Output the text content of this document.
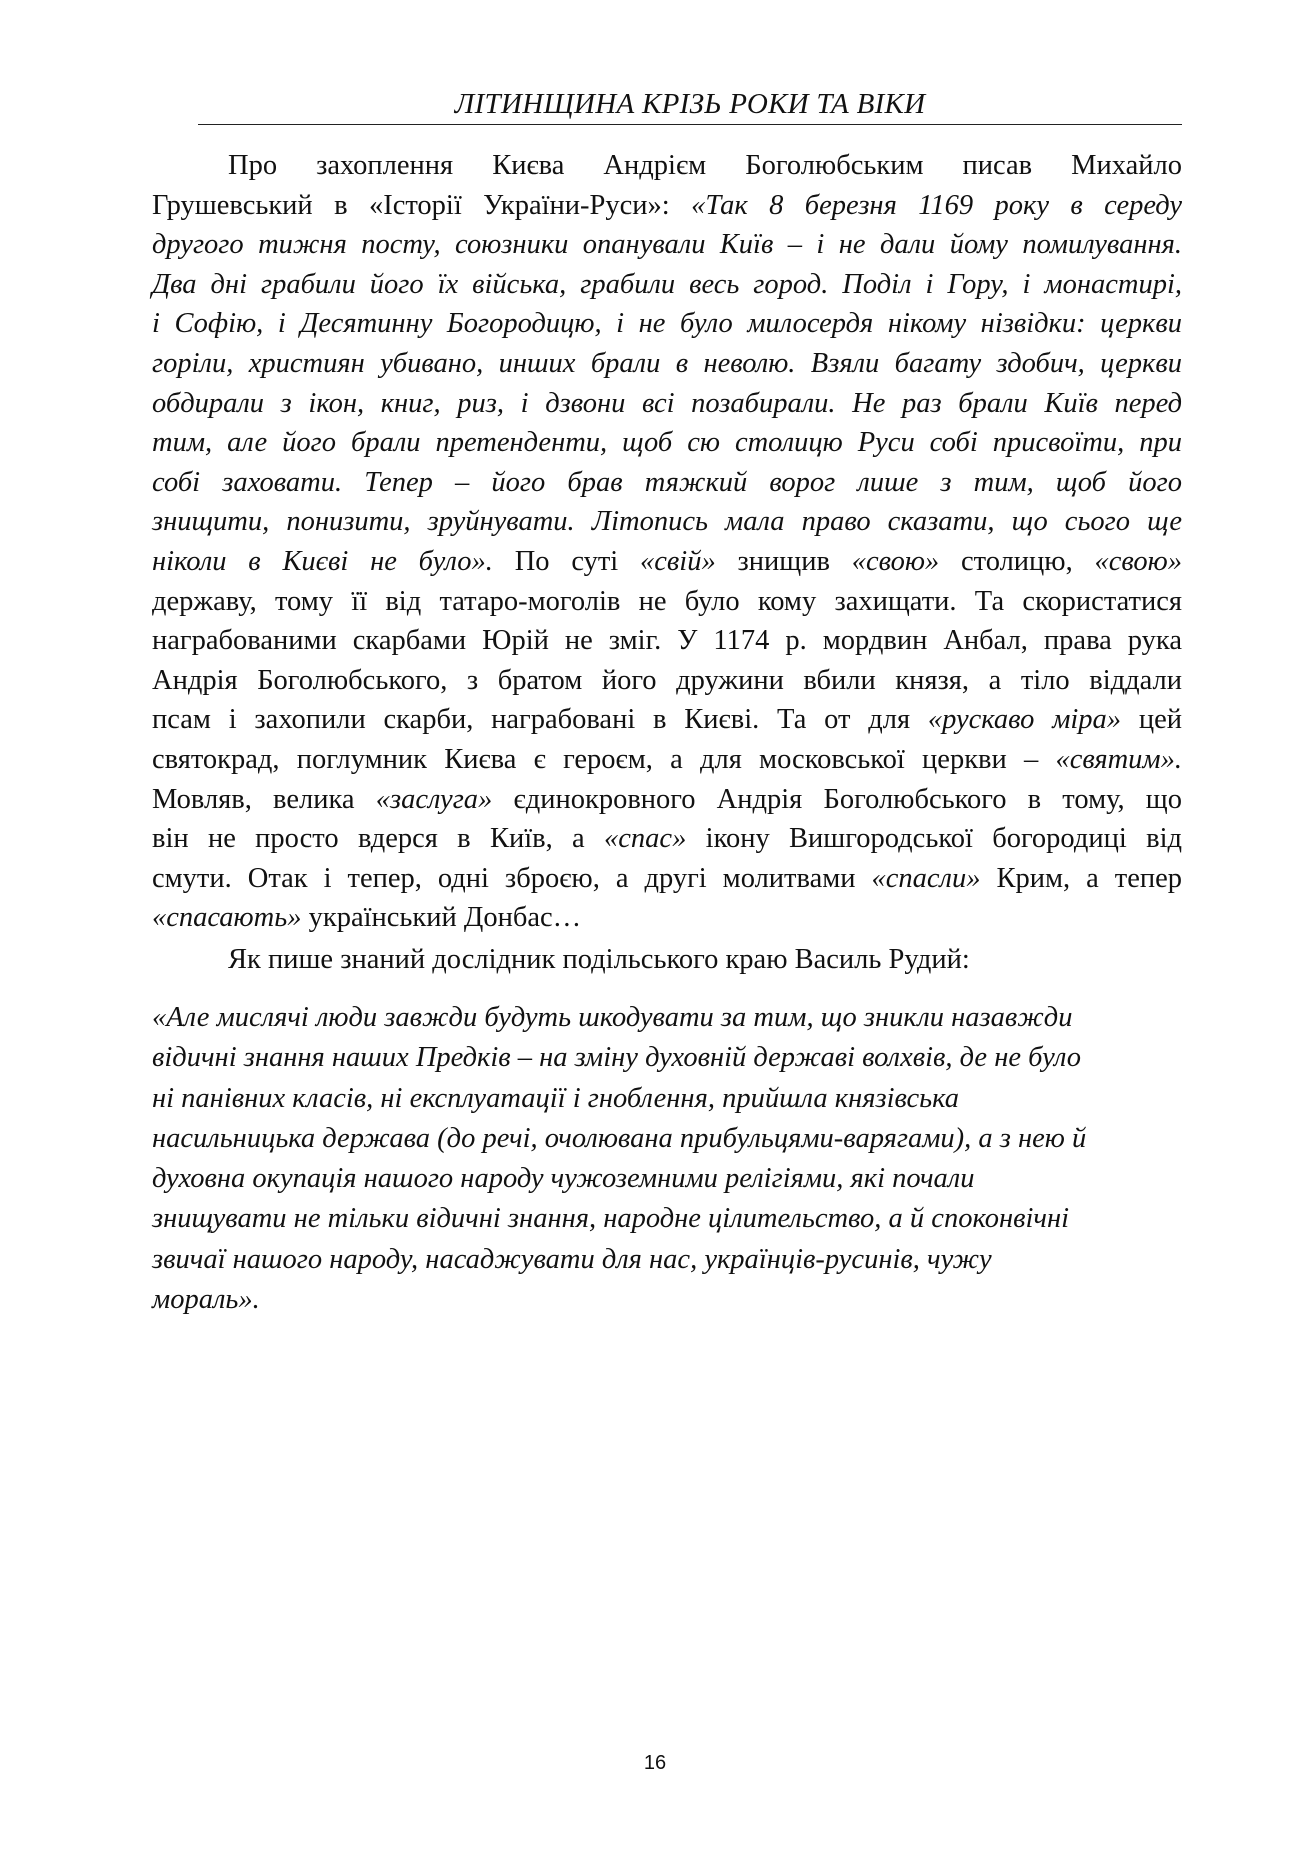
ЛІТИНЩИНА КРІЗЬ РОКИ ТА ВІКИ
Про захоплення Києва Андрієм Боголюбським писав Михайло
Грушевський в «Історії України-Руси»: «Так 8 березня 1169 року в середу
другого тижня посту, союзники опанували Київ – і не дали йому помилування.
Два дні грабили його їх війська, грабили весь город. Поділ і Гору, і монастирі,
і Софію, і Десятинну Богородицю, і не було милосердя нікому нізвідки: церкви
горіли, християн убивано, инших брали в неволю. Взяли багату здобич, церкви
обдирали з ікон, книг, риз, і дзвони всі позабирали. Не раз брали Київ перед
тим, але його брали претенденти, щоб сю столицю Руси собі присвоїти, при
собі заховати. Тепер – його брав тяжкий ворог лише з тим, щоб його
знищити, понизити, зруйнувати. Літопись мала право сказати, що сього ще
ніколи в Києві не було». По суті «свій» знищив «свою» столицю, «свою»
державу, тому її від татаро-моголів не було кому захищати. Та скористатися
награбованими скарбами Юрій не зміг. У 1174 р. мордвин Анбал, права рука
Андрія Боголюбського, з братом його дружини вбили князя, а тіло віддали
псам і захопили скарби, награбовані в Києві. Та от для «рускаво міра» цей
святокрад, поглумник Києва є героєм, а для московської церкви – «святим».
Мовляв, велика «заслуга» єдинокровного Андрія Боголюбського в тому, що
він не просто вдерся в Київ, а «спас» ікону Вишгородської богородиці від
смути. Отак і тепер, одні зброєю, а другі молитвами «спасли» Крим, а тепер
«спасають» український Донбас…
Як пише знаний дослідник подільського краю Василь Рудий:
«Але мислячі люди завжди будуть шкодувати за тим, що зникли назавжди
відичні знання наших Предків – на зміну духовній державі волхвів, де не було
ні панівних класів, ні експлуатації і гноблення, прийшла князівська
насильницька держава (до речі, очолювана прибульцями-варягами), а з нею й
духовна окупація нашого народу чужоземними релігіями, які почали
знищувати не тільки відичні знання, народне цілительство, а й споконвічні
звичаї нашого народу, насаджувати для нас, українців-русинів, чужу
мораль».
16
